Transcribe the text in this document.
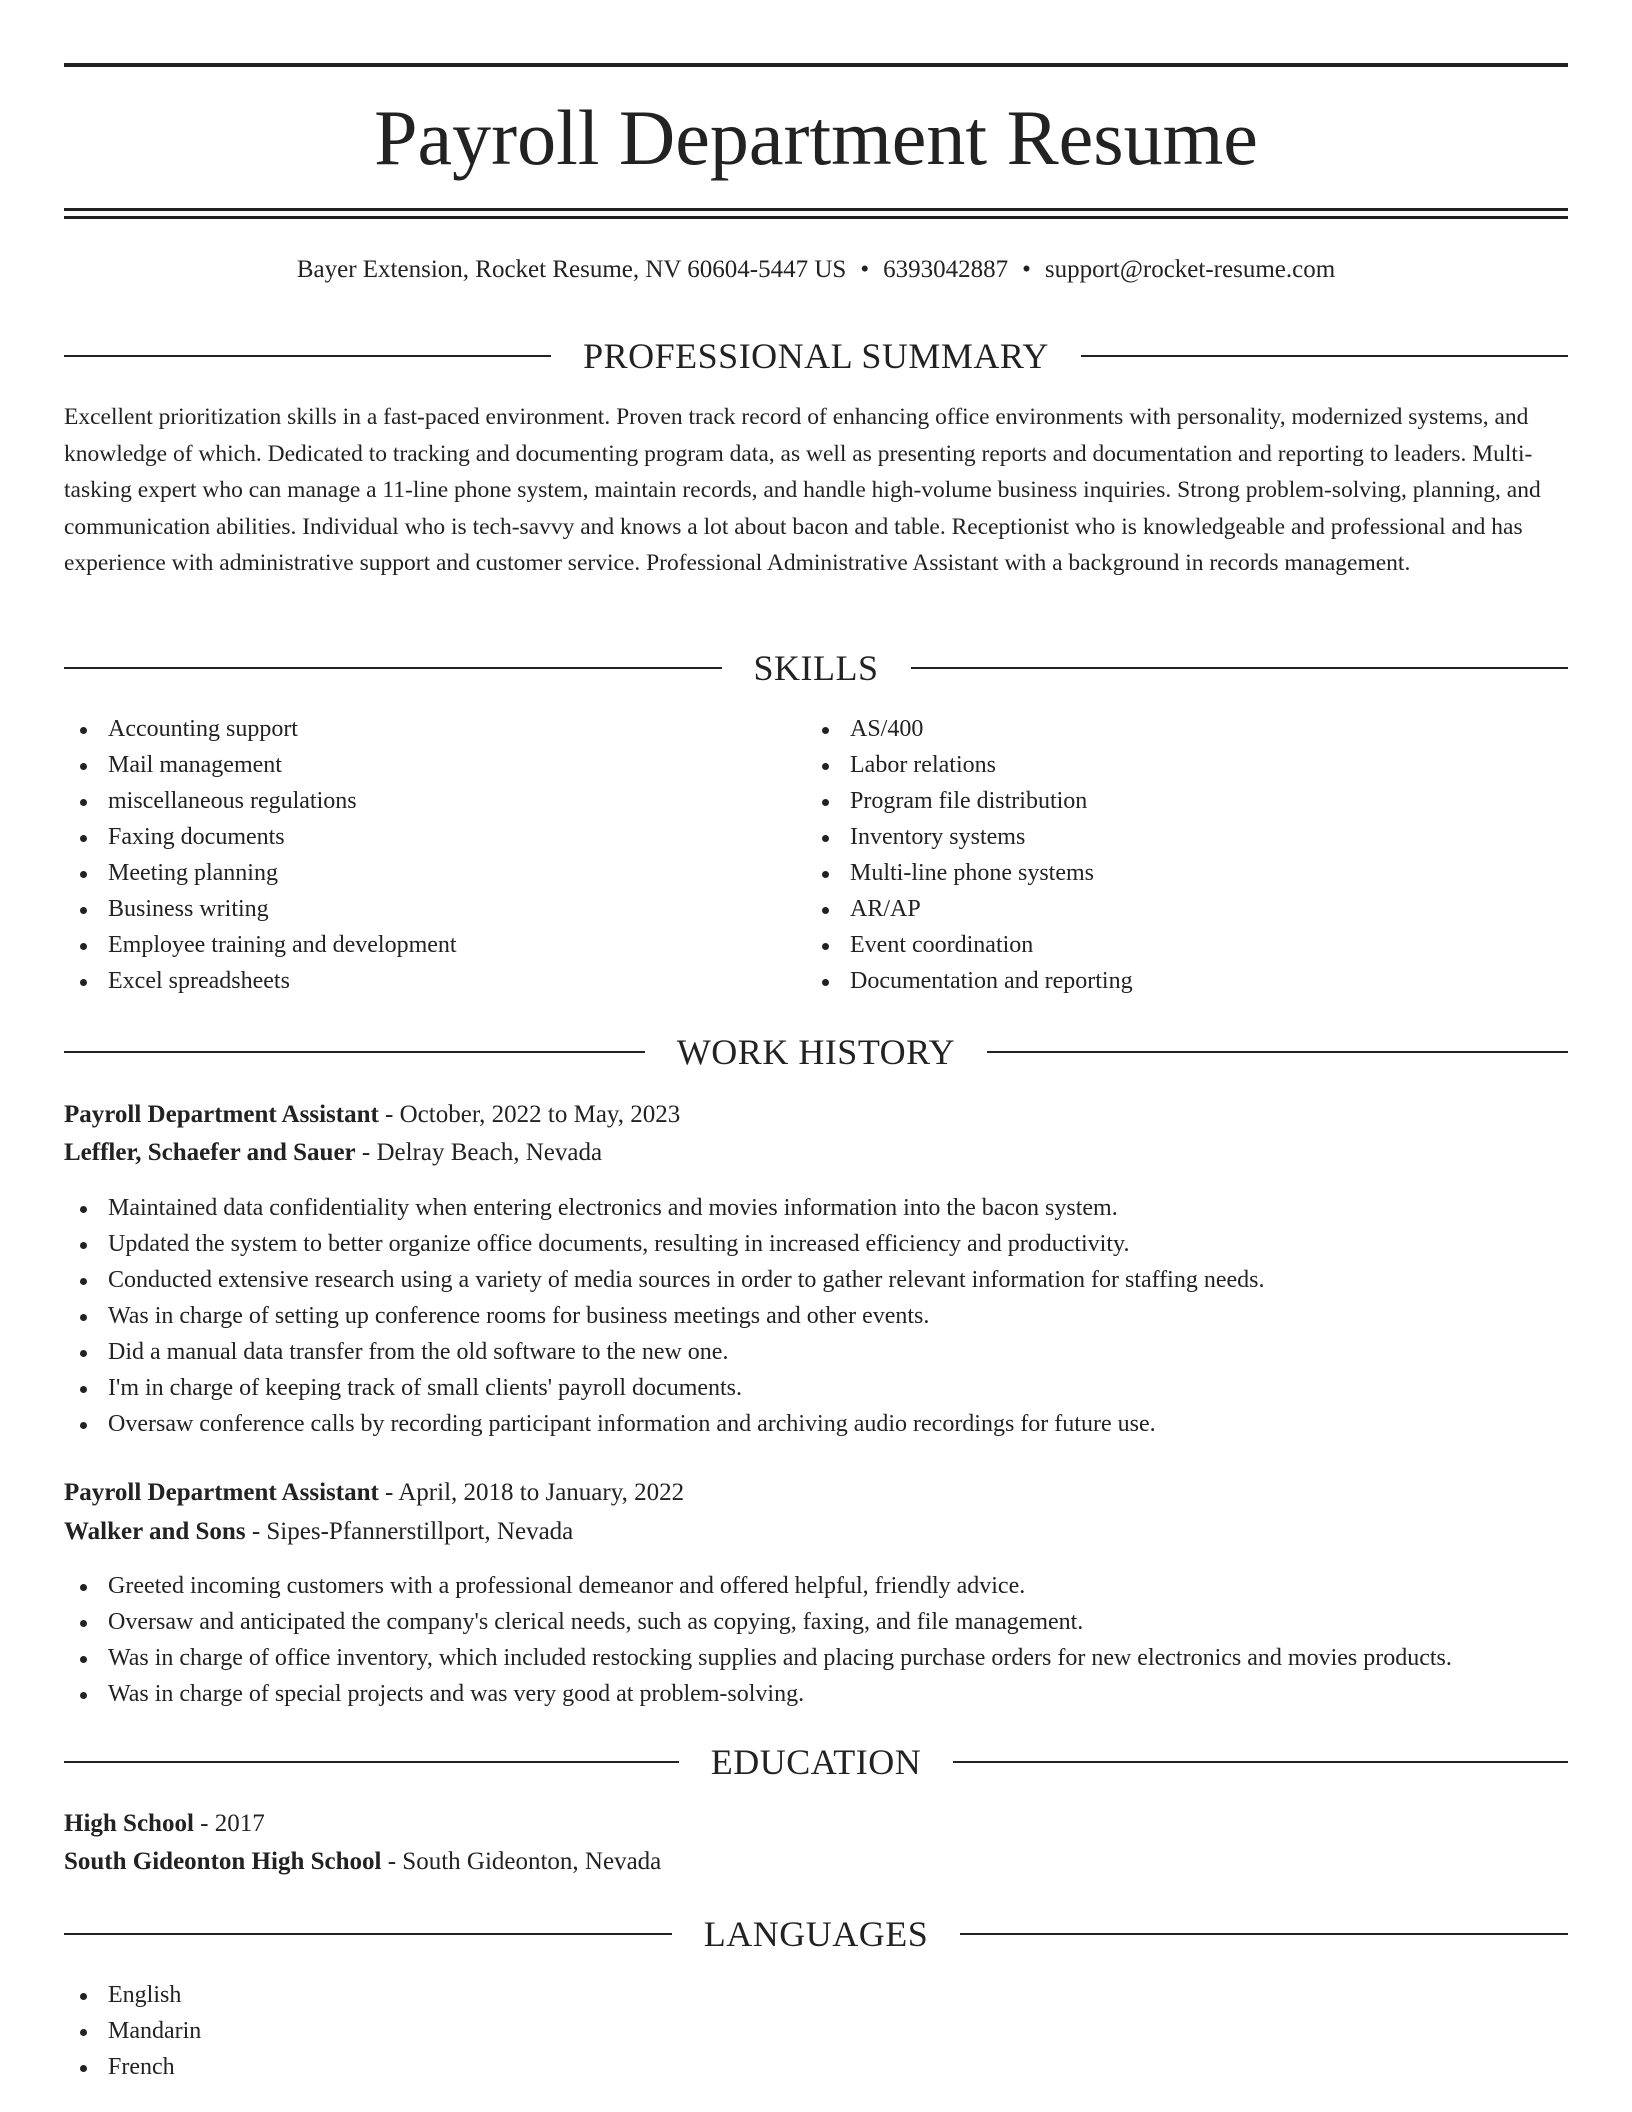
Payroll Department Resume
Bayer Extension, Rocket Resume, NV 60604-5447 US • 6393042887 • support@rocket-resume.com
PROFESSIONAL SUMMARY

Excellent prioritization skills in a fast-paced environment. Proven track record of enhancing office environments with personality, modernized systems, and knowledge of which. Dedicated to tracking and documenting program data, as well as presenting reports and documentation and reporting to leaders. Multi-tasking expert who can manage a 11-line phone system, maintain records, and handle high-volume business inquiries. Strong problem-solving, planning, and communication abilities. Individual who is tech-savvy and knows a lot about bacon and table. Receptionist who is knowledgeable and professional and has experience with administrative support and customer service. Professional Administrative Assistant with a background in records management.

SKILLS
Accounting support
Mail management
miscellaneous regulations
Faxing documents
Meeting planning
Business writing
Employee training and development
Excel spreadsheets
AS/400
Labor relations
Program file distribution
Inventory systems
Multi-line phone systems
AR/AP
Event coordination
Documentation and reporting
WORK HISTORY
Payroll Department Assistant - October, 2022 to May, 2023
Leffler, Schaefer and Sauer - Delray Beach, Nevada
Maintained data confidentiality when entering electronics and movies information into the bacon system.
Updated the system to better organize office documents, resulting in increased efficiency and productivity.
Conducted extensive research using a variety of media sources in order to gather relevant information for staffing needs.
Was in charge of setting up conference rooms for business meetings and other events.
Did a manual data transfer from the old software to the new one.
I'm in charge of keeping track of small clients' payroll documents.
Oversaw conference calls by recording participant information and archiving audio recordings for future use.
Payroll Department Assistant - April, 2018 to January, 2022
Walker and Sons - Sipes-Pfannerstillport, Nevada
Greeted incoming customers with a professional demeanor and offered helpful, friendly advice.
Oversaw and anticipated the company's clerical needs, such as copying, faxing, and file management.
Was in charge of office inventory, which included restocking supplies and placing purchase orders for new electronics and movies products.
Was in charge of special projects and was very good at problem-solving.
EDUCATION
High School - 2017
South Gideonton High School - South Gideonton, Nevada
LANGUAGES
English
Mandarin
French
